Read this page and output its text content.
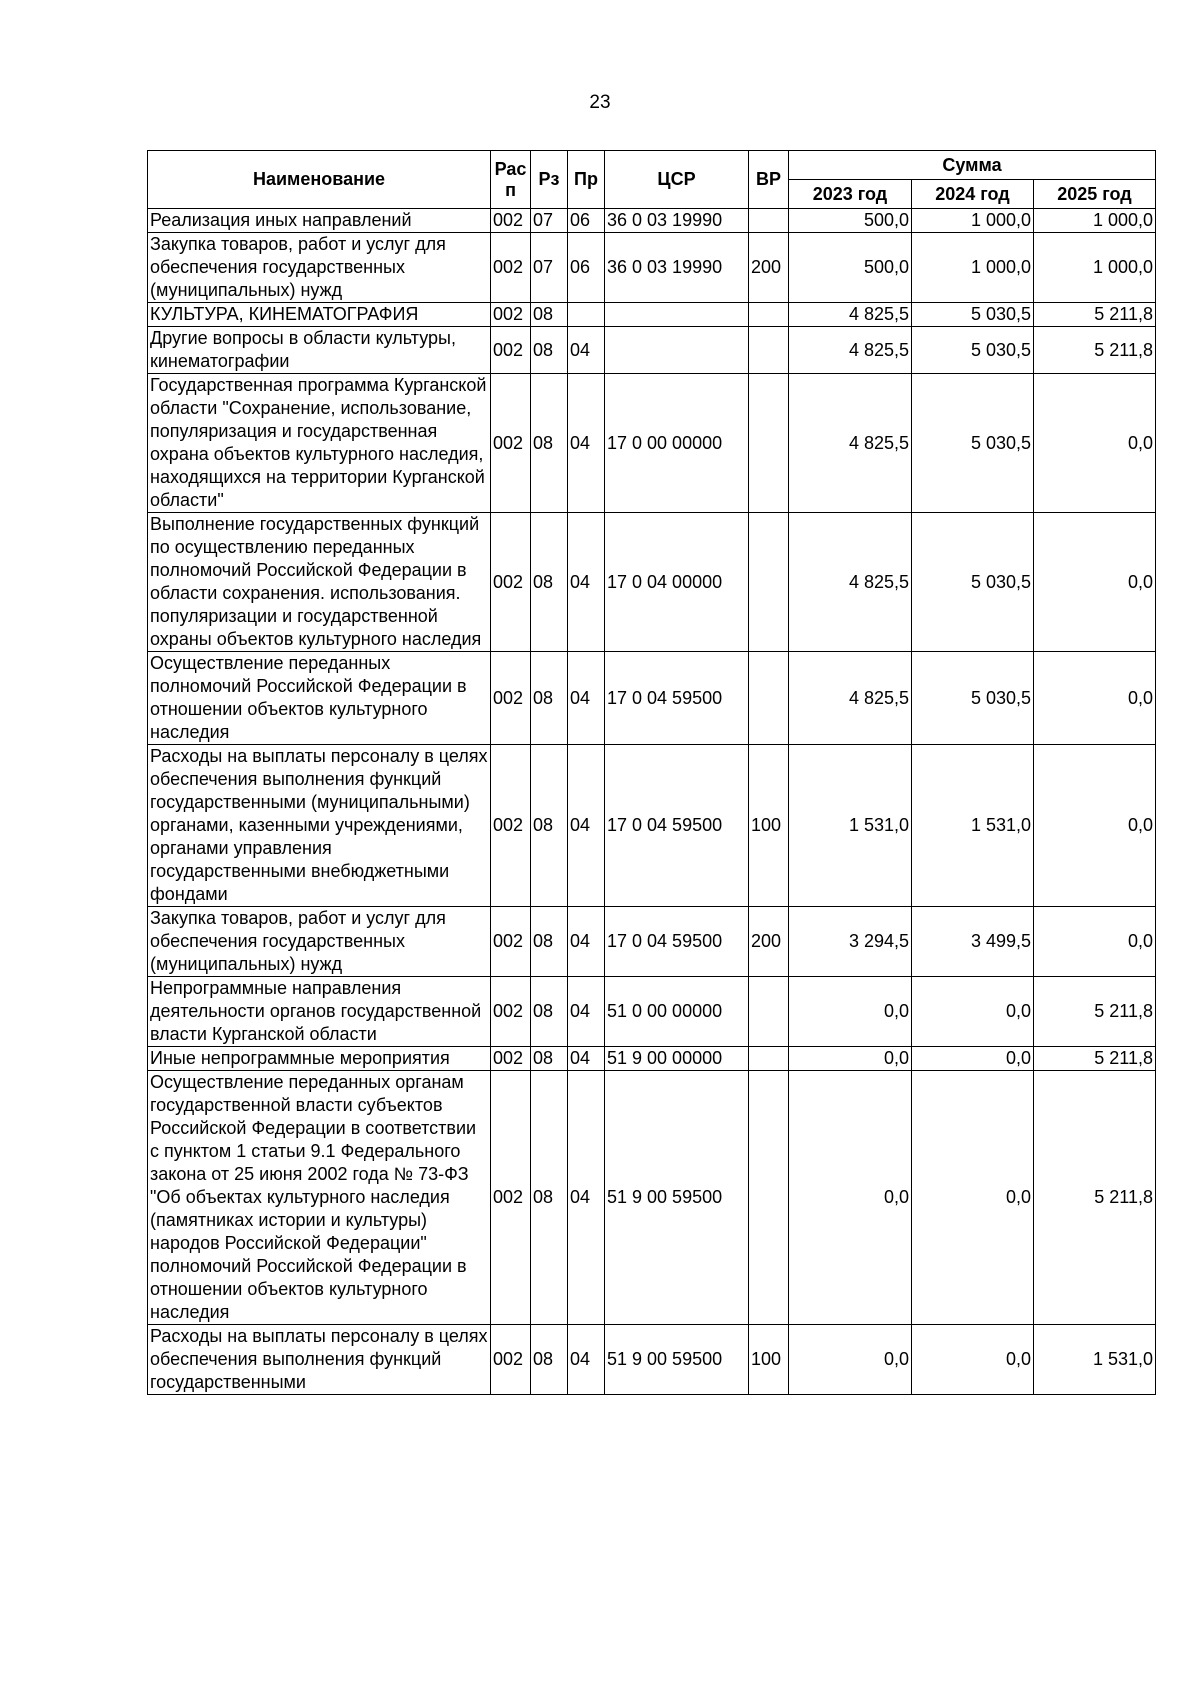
23
Наименование	Рас п	Рз	Пр	ЦСР	ВР	Сумма		
						2023 год	2024 год	2025 год
Реализация иных направлений	002	07	06	36 0 03 19990		500,0	1 000,0	1 000,0
Закупка товаров, работ и услуг для обеспечения государственных (муниципальных) нужд	002	07	06	36 0 03 19990	200	500,0	1 000,0	1 000,0
КУЛЬТУРА, КИНЕМАТОГРАФИЯ	002	08				4 825,5	5 030,5	5 211,8
Другие вопросы в области культуры, кинематографии	002	08	04			4 825,5	5 030,5	5 211,8
Государственная программа Курганской области "Сохранение, использование, популяризация и государственная охрана объектов культурного наследия, находящихся на территории Курганской области"	002	08	04	17 0 00 00000		4 825,5	5 030,5	0,0
Выполнение государственных функций по осуществлению переданных полномочий Российской Федерации в области сохранения. использования. популяризации и государственной охраны объектов культурного наследия	002	08	04	17 0 04 00000		4 825,5	5 030,5	0,0
Осуществление переданных полномочий Российской Федерации в отношении объектов культурного наследия	002	08	04	17 0 04 59500		4 825,5	5 030,5	0,0
Расходы на выплаты персоналу в целях обеспечения выполнения функций государственными (муниципальными) органами, казенными учреждениями, органами управления государственными внебюджетными фондами	002	08	04	17 0 04 59500	100	1 531,0	1 531,0	0,0
Закупка товаров, работ и услуг для обеспечения государственных (муниципальных) нужд	002	08	04	17 0 04 59500	200	3 294,5	3 499,5	0,0
Непрограммные направления деятельности органов государственной власти Курганской области	002	08	04	51 0 00 00000		0,0	0,0	5 211,8
Иные непрограммные мероприятия	002	08	04	51 9 00 00000		0,0	0,0	5 211,8
Осуществление переданных органам государственной власти субъектов Российской Федерации в соответствии с пунктом 1 статьи 9.1 Федерального закона от 25 июня 2002 года № 73-ФЗ "Об объектах культурного наследия (памятниках истории и культуры) народов Российской Федерации" полномочий Российской Федерации в отношении объектов культурного наследия	002	08	04	51 9 00 59500		0,0	0,0	5 211,8
Расходы на выплаты персоналу в целях обеспечения выполнения функций государственными	002	08	04	51 9 00 59500	100	0,0	0,0	1 531,0
